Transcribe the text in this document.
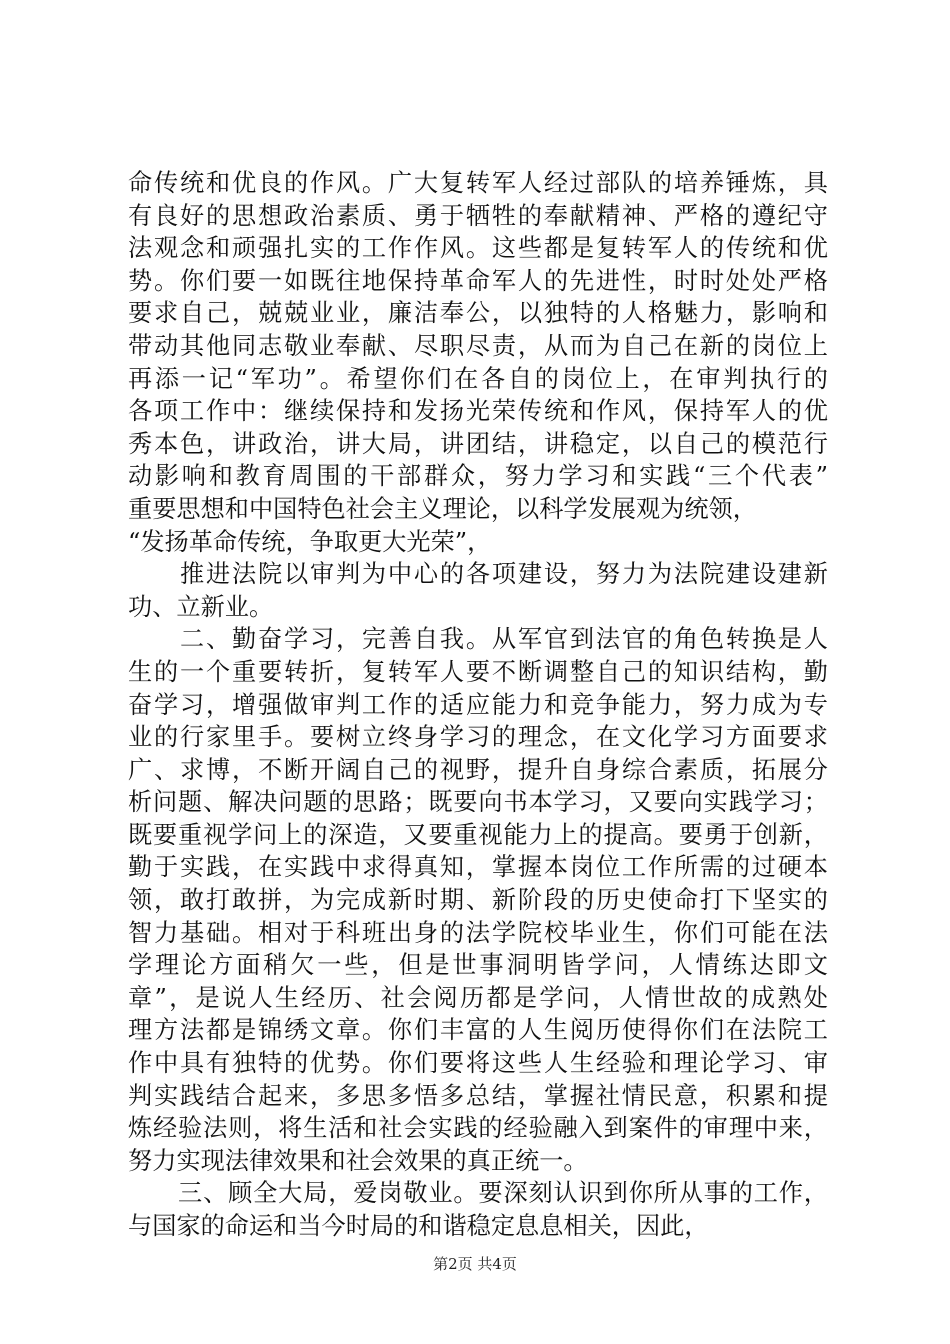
命传统和优良的作风。广大复转军人经过部队的培养锤炼，具
有良好的思想政治素质、勇于牺牲的奉献精神、严格的遵纪守
法观念和顽强扎实的工作作风。这些都是复转军人的传统和优
势。你们要一如既往地保持革命军人的先进性，时时处处严格
要求自己，兢兢业业，廉洁奉公，以独特的人格魅力，影响和
带动其他同志敬业奉献、尽职尽责，从而为自己在新的岗位上
再添一记“军功”。希望你们在各自的岗位上，在审判执行的
各项工作中：继续保持和发扬光荣传统和作风，保持军人的优
秀本色，讲政治，讲大局，讲团结，讲稳定，以自己的模范行
动影响和教育周围的干部群众，努力学习和实践“三个代表”
重要思想和中国特色社会主义理论，以科学发展观为统领，
“发扬革命传统，争取更大光荣”，
　　推进法院以审判为中心的各项建设，努力为法院建设建新
功、立新业。
　　二、勤奋学习，完善自我。从军官到法官的角色转换是人
生的一个重要转折，复转军人要不断调整自己的知识结构，勤
奋学习，增强做审判工作的适应能力和竞争能力，努力成为专
业的行家里手。要树立终身学习的理念，在文化学习方面要求
广、求博，不断开阔自己的视野，提升自身综合素质，拓展分
析问题、解决问题的思路；既要向书本学习，又要向实践学习；
既要重视学问上的深造，又要重视能力上的提高。要勇于创新，
勤于实践，在实践中求得真知，掌握本岗位工作所需的过硬本
领，敢打敢拼，为完成新时期、新阶段的历史使命打下坚实的
智力基础。相对于科班出身的法学院校毕业生，你们可能在法
学理论方面稍欠一些，但是世事洞明皆学问，人情练达即文
章”，是说人生经历、社会阅历都是学问，人情世故的成熟处
理方法都是锦绣文章。你们丰富的人生阅历使得你们在法院工
作中具有独特的优势。你们要将这些人生经验和理论学习、审
判实践结合起来，多思多悟多总结，掌握社情民意，积累和提
炼经验法则，将生活和社会实践的经验融入到案件的审理中来，
努力实现法律效果和社会效果的真正统一。
　　三、顾全大局，爱岗敬业。要深刻认识到你所从事的工作，
与国家的命运和当今时局的和谐稳定息息相关，因此，
第2页 共4页
